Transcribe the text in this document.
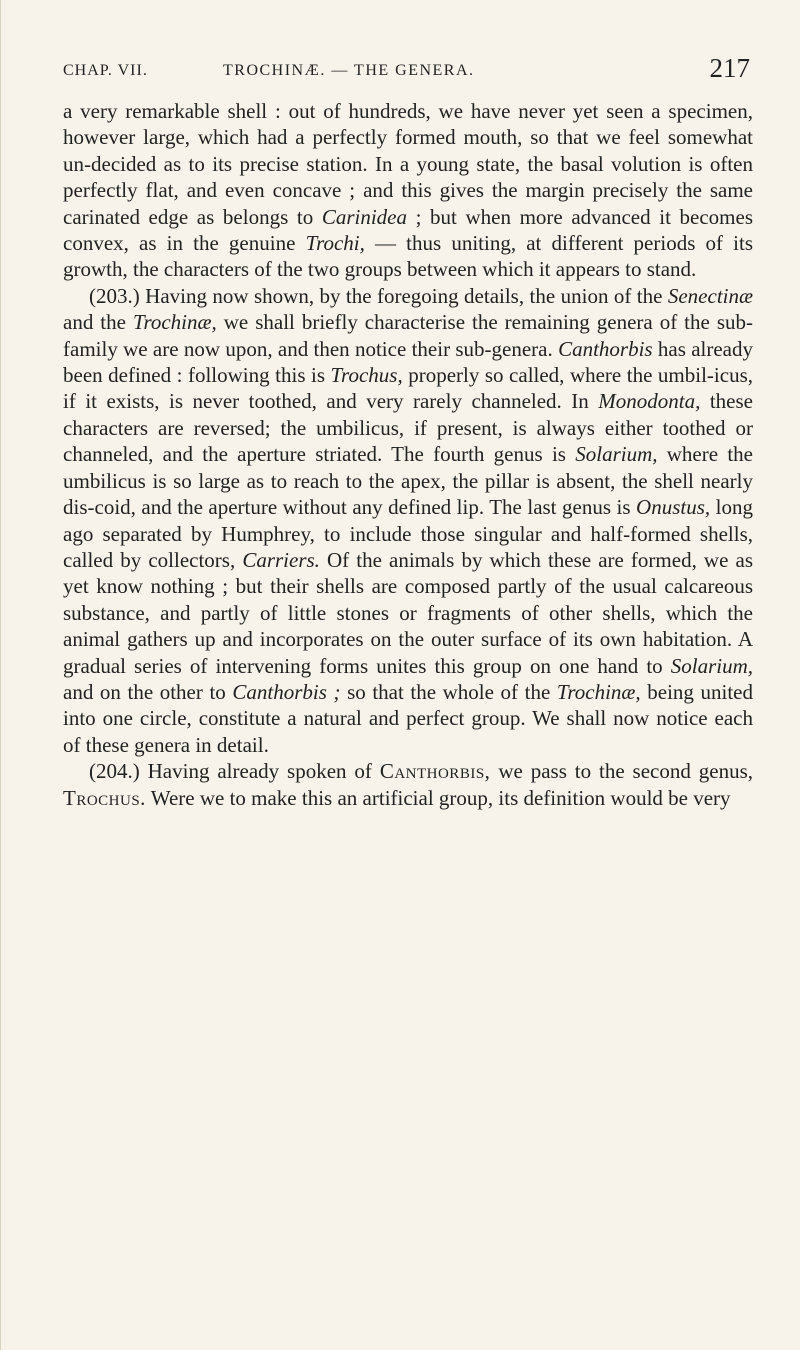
CHAP. VII.	TROCHINÆ. — THE GENERA.	217

a very remarkable shell : out of hundreds, we have never yet seen a specimen, however large, which had a perfectly formed mouth, so that we feel somewhat un-decided as to its precise station. In a young state, the basal volution is often perfectly flat, and even concave ; and this gives the margin precisely the same carinated edge as belongs to Carinidea ; but when more advanced it becomes convex, as in the genuine Trochi, — thus uniting, at different periods of its growth, the characters of the two groups between which it appears to stand.

(203.) Having now shown, by the foregoing details, the union of the Senectinæ and the Trochinæ, we shall briefly characterise the remaining genera of the sub-family we are now upon, and then notice their sub-genera. Canthorbis has already been defined : following this is Trochus, properly so called, where the umbil-icus, if it exists, is never toothed, and very rarely channeled. In Monodonta, these characters are reversed; the umbilicus, if present, is always either toothed or channeled, and the aperture striated. The fourth genus is Solarium, where the umbilicus is so large as to reach to the apex, the pillar is absent, the shell nearly dis-coid, and the aperture without any defined lip. The last genus is Onustus, long ago separated by Humphrey, to include those singular and half-formed shells, called by collectors, Carriers. Of the animals by which these are formed, we as yet know nothing ; but their shells are composed partly of the usual calcareous substance, and partly of little stones or fragments of other shells, which the animal gathers up and incorporates on the outer surface of its own habitation. A gradual series of intervening forms unites this group on one hand to Solarium, and on the other to Canthorbis ; so that the whole of the Trochinæ, being united into one circle, constitute a natural and perfect group. We shall now notice each of these genera in detail.

(204.) Having already spoken of Canthorbis, we pass to the second genus, Trochus. Were we to make this an artificial group, its definition would be very
